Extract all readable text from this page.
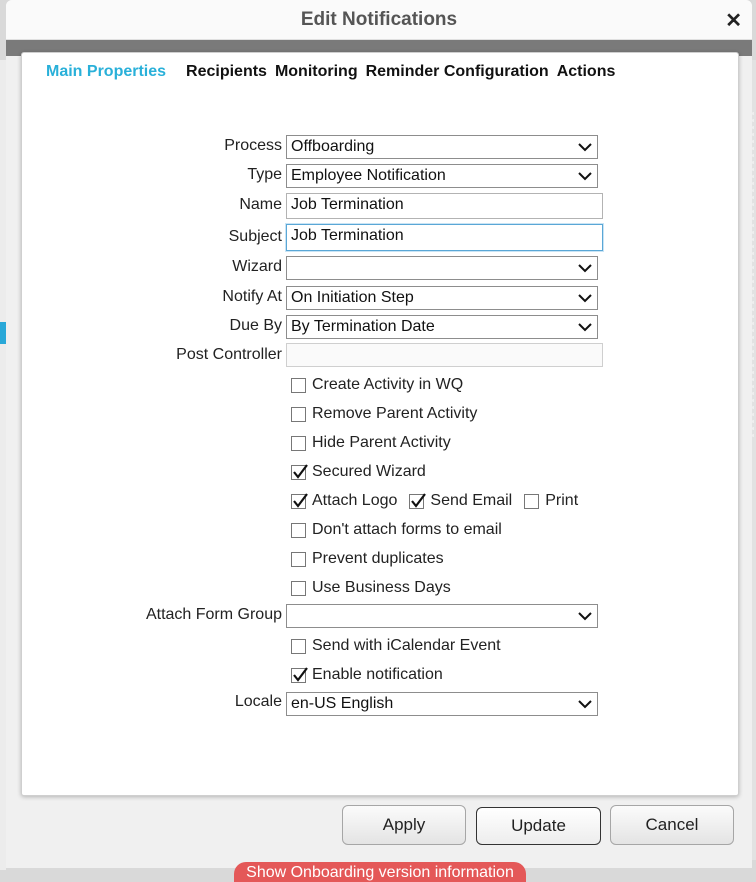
Edit Notifications	✕
Main Properties Recipients Monitoring Reminder Configuration Actions
Process Offboarding
Type Employee Notification
Name Job Termination
Subject Job Termination
Wizard
Notify At On Initiation Step
Due By By Termination Date
Post Controller
Create Activity in WQ
Remove Parent Activity
Hide Parent Activity
Secured Wizard
Attach Logo Send Email Print
Don't attach forms to email
Prevent duplicates
Use Business Days
Attach Form Group
Send with iCalendar Event
Enable notification
Locale en-US English
Apply	Update	Cancel
Show Onboarding version information
